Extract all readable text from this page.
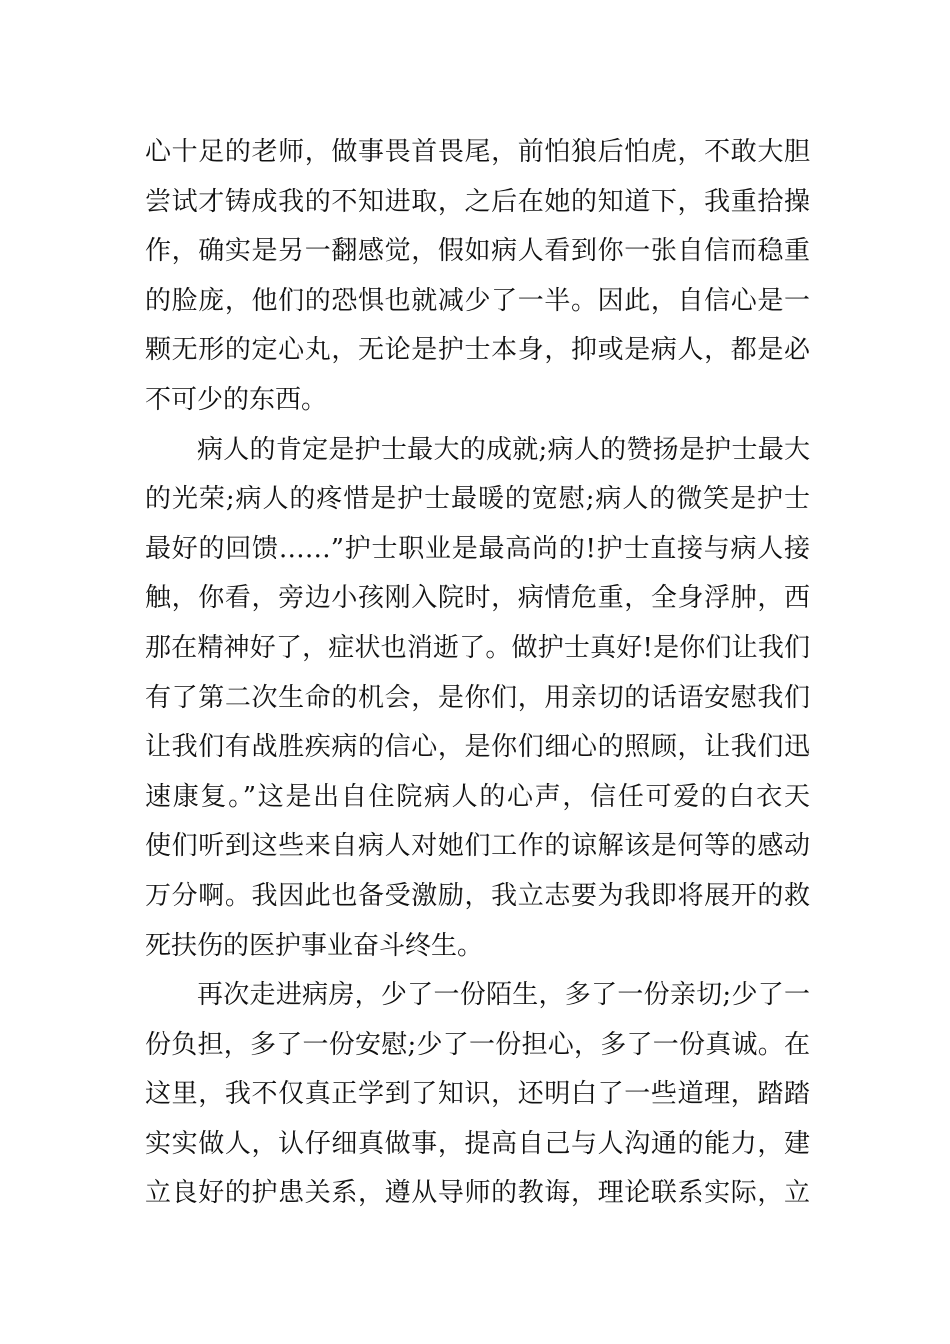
心十足的老师，做事畏首畏尾，前怕狼后怕虎，不敢大胆
尝试才铸成我的不知进取，之后在她的知道下，我重拾操
作，确实是另一翻感觉，假如病人看到你一张自信而稳重
的脸庞，他们的恐惧也就减少了一半。因此，自信心是一
颗无形的定心丸，无论是护士本身，抑或是病人，都是必
不可少的东西。
病人的肯定是护士最大的成就;病人的赞扬是护士最大
的光荣;病人的疼惜是护士最暖的宽慰;病人的微笑是护士
最好的回馈……”护士职业是最高尚的!护士直接与病人接
触，你看，旁边小孩刚入院时，病情危重，全身浮肿，西
那在精神好了，症状也消逝了。做护士真好!是你们让我们
有了第二次生命的机会，是你们，用亲切的话语安慰我们
让我们有战胜疾病的信心，是你们细心的照顾，让我们迅
速康复。”这是出自住院病人的心声，信任可爱的白衣天
使们听到这些来自病人对她们工作的谅解该是何等的感动
万分啊。我因此也备受激励，我立志要为我即将展开的救
死扶伤的医护事业奋斗终生。
再次走进病房，少了一份陌生，多了一份亲切;少了一
份负担，多了一份安慰;少了一份担心，多了一份真诚。在
这里，我不仅真正学到了知识，还明白了一些道理，踏踏
实实做人，认仔细真做事，提高自己与人沟通的能力，建
立良好的护患关系，遵从导师的教诲，理论联系实际，立
